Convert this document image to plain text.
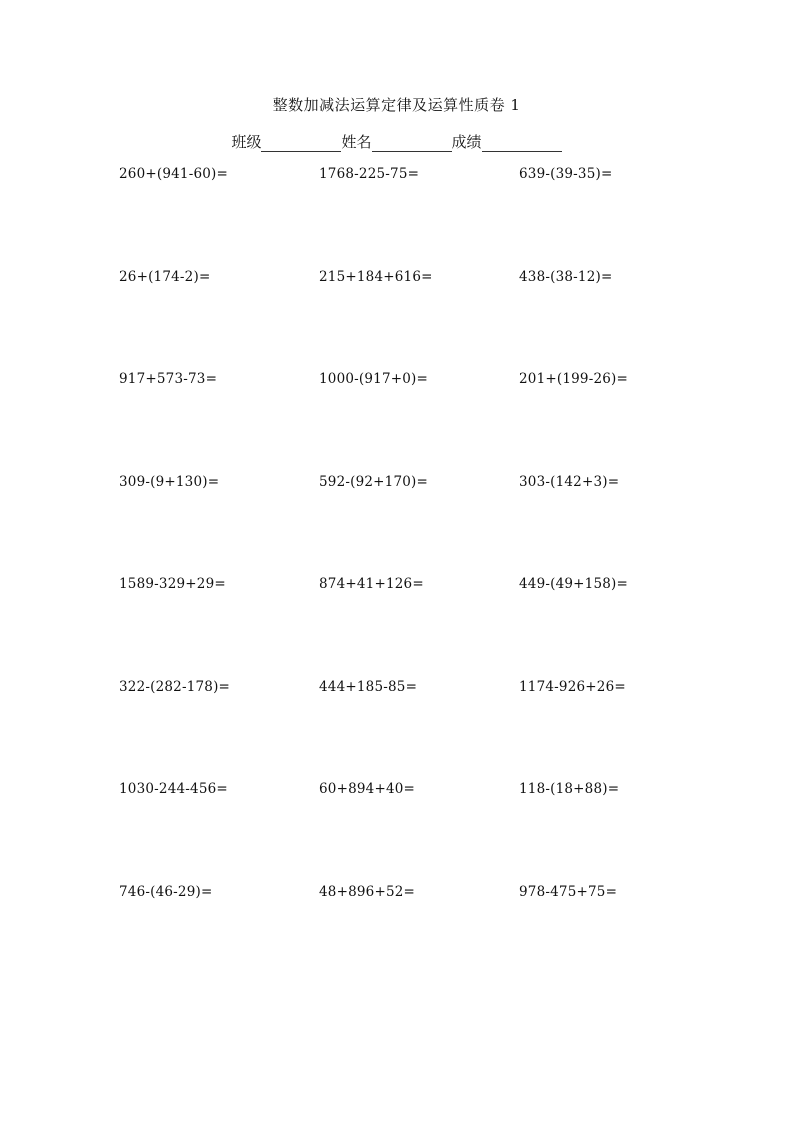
整数加减法运算定律及运算性质卷 1
班级	姓名	成绩
260+(941-60)=	1768-225-75=	639-(39-35)=
26+(174-2)=	215+184+616=	438-(38-12)=
917+573-73=	1000-(917+0)=	201+(199-26)=
309-(9+130)=	592-(92+170)=	303-(142+3)=
1589-329+29=	874+41+126=	449-(49+158)=
322-(282-178)=	444+185-85=	1174-926+26=
1030-244-456=	60+894+40=	118-(18+88)=
746-(46-29)=	48+896+52=	978-475+75=
